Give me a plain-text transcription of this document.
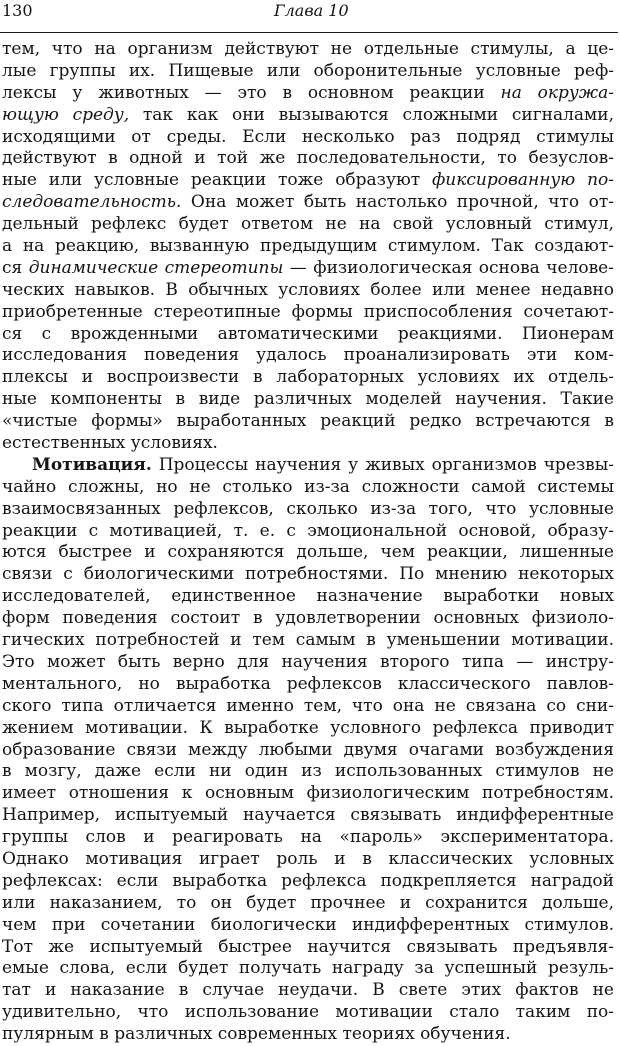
130	Глава 10
тем, что на организм действуют не отдельные стимулы, а це-
лые группы их. Пищевые или оборонительные условные реф-
лексы у животных — это в основном реакции на окружа-
ющую среду, так как они вызываются сложными сигналами,
исходящими от среды. Если несколько раз подряд стимулы
действуют в одной и той же последовательности, то безуслов-
ные или условные реакции тоже образуют фиксированную по-
следовательность. Она может быть настолько прочной, что от-
дельный рефлекс будет ответом не на свой условный стимул,
а на реакцию, вызванную предыдущим стимулом. Так создают-
ся динамические стереотипы — физиологическая основа челове-
ческих навыков. В обычных условиях более или менее недавно
приобретенные стереотипные формы приспособления сочетают-
ся с врожденными автоматическими реакциями. Пионерам
исследования поведения удалось проанализировать эти ком-
плексы и воспроизвести в лабораторных условиях их отдель-
ные компоненты в виде различных моделей научения. Такие
«чистые формы» выработанных реакций редко встречаются в
естественных условиях.
Мотивация. Процессы научения у живых организмов чрезвы-
чайно сложны, но не столько из-за сложности самой системы
взаимосвязанных рефлексов, сколько из-за того, что условные
реакции с мотивацией, т. е. с эмоциональной основой, образу-
ются быстрее и сохраняются дольше, чем реакции, лишенные
связи с биологическими потребностями. По мнению некоторых
исследователей, единственное назначение выработки новых
форм поведения состоит в удовлетворении основных физиоло-
гических потребностей и тем самым в уменьшении мотивации.
Это может быть верно для научения второго типа — инстру-
ментального, но выработка рефлексов классического павлов-
ского типа отличается именно тем, что она не связана со сни-
жением мотивации. К выработке условного рефлекса приводит
образование связи между любыми двумя очагами возбуждения
в мозгу, даже если ни один из использованных стимулов не
имеет отношения к основным физиологическим потребностям.
Например, испытуемый научается связывать индифферентные
группы слов и реагировать на «пароль» экспериментатора.
Однако мотивация играет роль и в классических условных
рефлексах: если выработка рефлекса подкрепляется наградой
или наказанием, то он будет прочнее и сохранится дольше,
чем при сочетании биологически индифферентных стимулов.
Тот же испытуемый быстрее научится связывать предъявля-
емые слова, если будет получать награду за успешный резуль-
тат и наказание в случае неудачи. В свете этих фактов не
удивительно, что использование мотивации стало таким по-
пулярным в различных современных теориях обучения.
